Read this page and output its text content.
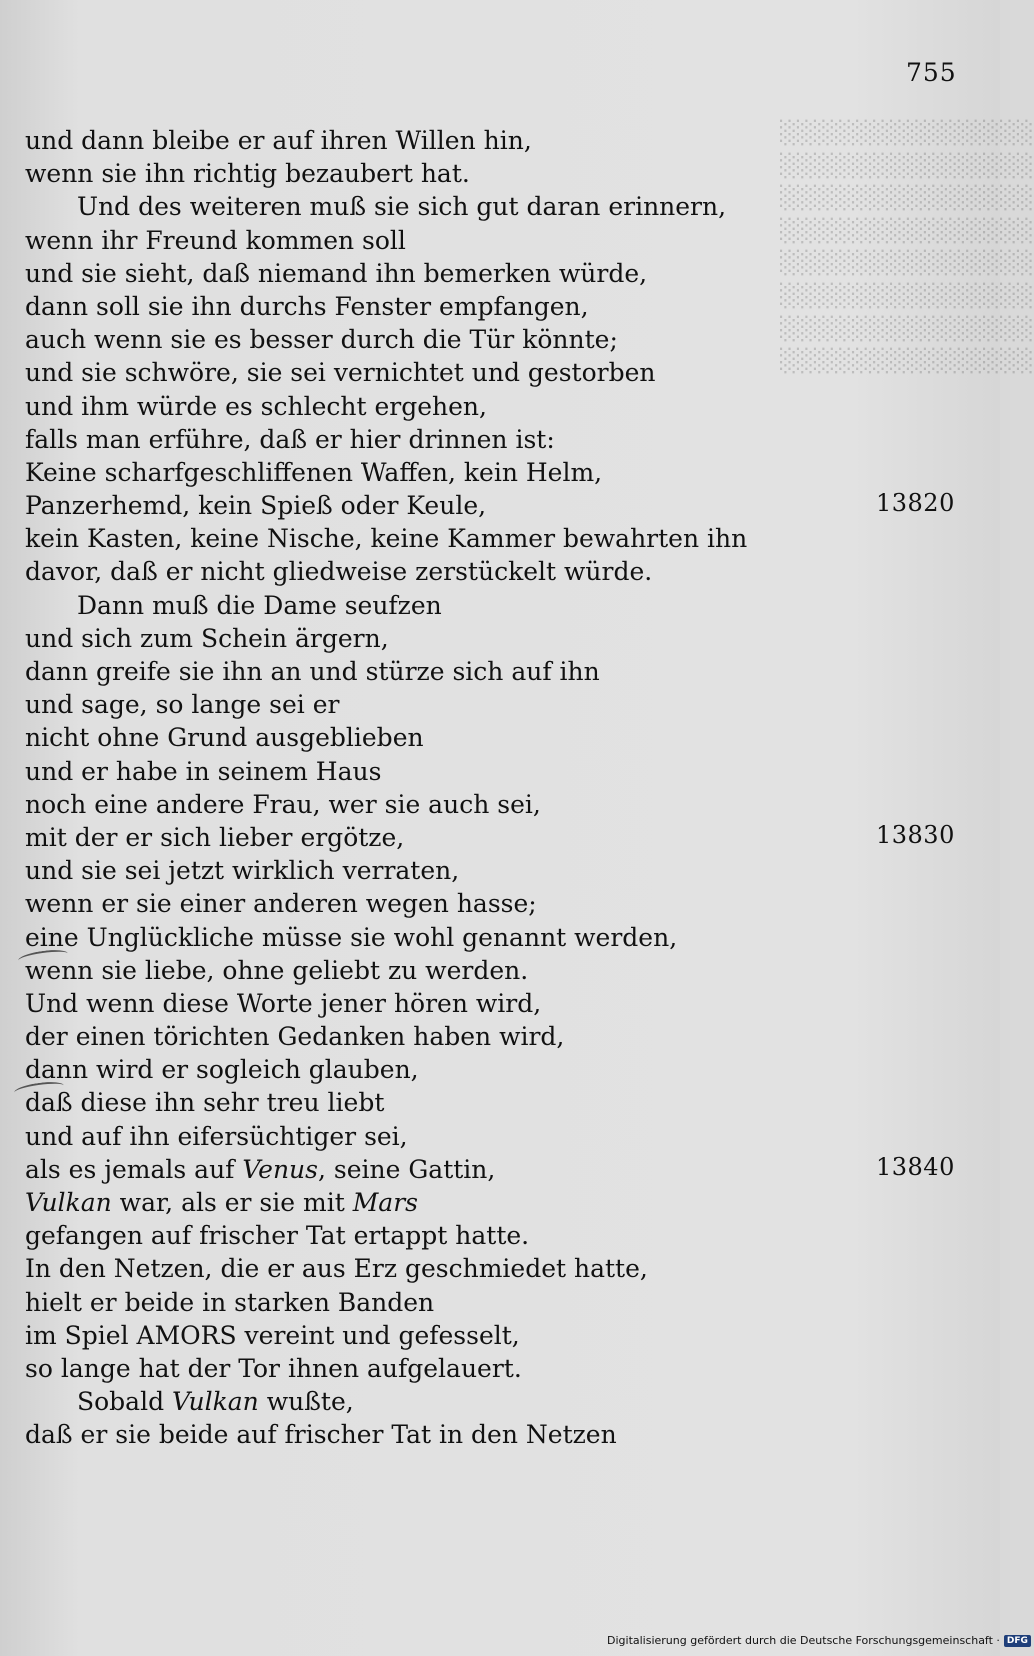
░░░░░░░░░░░░░░░
░░░░░░░░░░░░░░░
░░░░░░░░░░░░░░░
░░░░░░░░░░░░░░░
░░░░░░░░░░░░░░░
░░░░░░░░░░░░░░░
░░░░░░░░░░░░░░░
░░░░░░░░░░░░░░░
755
und dann bleibe er auf ihren Willen hin,
wenn sie ihn richtig bezaubert hat.
Und des weiteren muß sie sich gut daran erinnern,
wenn ihr Freund kommen soll
und sie sieht, daß niemand ihn bemerken würde,
dann soll sie ihn durchs Fenster empfangen,
auch wenn sie es besser durch die Tür könnte;
und sie schwöre, sie sei vernichtet und gestorben
und ihm würde es schlecht ergehen,
falls man erführe, daß er hier drinnen ist:
Keine scharfgeschliffenen Waffen, kein Helm,
Panzerhemd, kein Spieß oder Keule,
kein Kasten, keine Nische, keine Kammer bewahrten ihn
davor, daß er nicht gliedweise zerstückelt würde.
Dann muß die Dame seufzen
und sich zum Schein ärgern,
dann greife sie ihn an und stürze sich auf ihn
und sage, so lange sei er
nicht ohne Grund ausgeblieben
und er habe in seinem Haus
noch eine andere Frau, wer sie auch sei,
mit der er sich lieber ergötze,
und sie sei jetzt wirklich verraten,
wenn er sie einer anderen wegen hasse;
eine Unglückliche müsse sie wohl genannt werden,
wenn sie liebe, ohne geliebt zu werden.
Und wenn diese Worte jener hören wird,
der einen törichten Gedanken haben wird,
dann wird er sogleich glauben,
daß diese ihn sehr treu liebt
und auf ihn eifersüchtiger sei,
als es jemals auf Venus, seine Gattin,
Vulkan war, als er sie mit Mars
gefangen auf frischer Tat ertappt hatte.
In den Netzen, die er aus Erz geschmiedet hatte,
hielt er beide in starken Banden
im Spiel AMORS vereint und gefesselt,
so lange hat der Tor ihnen aufgelauert.
Sobald Vulkan wußte,
daß er sie beide auf frischer Tat in den Netzen
13820
13830
13840
Digitalisierung gefördert durch die Deutsche Forschungsgemeinschaft · DFG
